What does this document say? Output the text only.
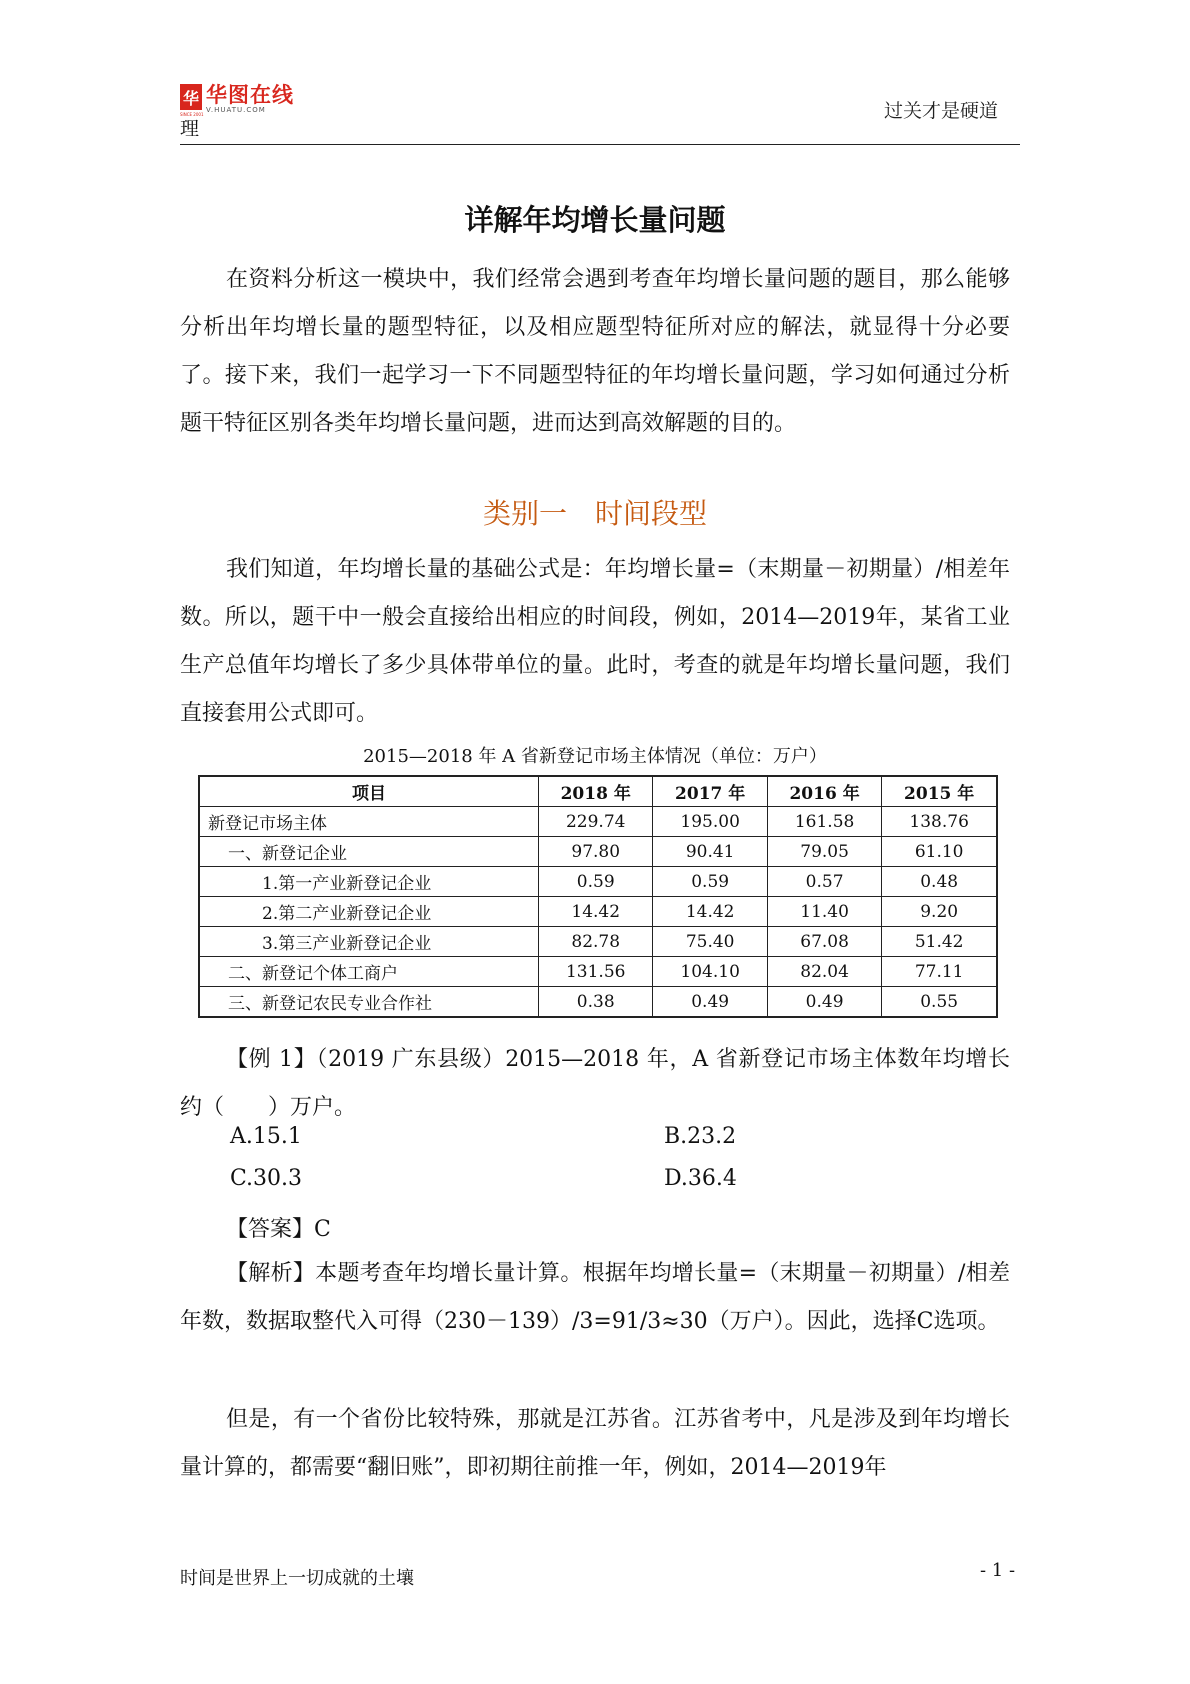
华 华图在线
V.HUATU.COM
SINCE 2001
理
过关才是硬道
详解年均增长量问题
在资料分析这一模块中，我们经常会遇到考查年均增长量问题的题目，那么能够分析出年均增长量的题型特征，以及相应题型特征所对应的解法，就显得十分必要了。接下来，我们一起学习一下不同题型特征的年均增长量问题，学习如何通过分析题干特征区别各类年均增长量问题，进而达到高效解题的目的。
类别一　时间段型
我们知道，年均增长量的基础公式是：年均增长量=（末期量－初期量）/相差年数。所以，题干中一般会直接给出相应的时间段，例如，2014—2019年，某省工业生产总值年均增长了多少具体带单位的量。此时，考查的就是年均增长量问题，我们直接套用公式即可。
2015—2018 年 A 省新登记市场主体情况（单位：万户）
项目	2018 年	2017 年	2016 年	2015 年
新登记市场主体	229.74	195.00	161.58	138.76
一、新登记企业	97.80	90.41	79.05	61.10
1.第一产业新登记企业	0.59	0.59	0.57	0.48
2.第二产业新登记企业	14.42	14.42	11.40	9.20
3.第三产业新登记企业	82.78	75.40	67.08	51.42
二、新登记个体工商户	131.56	104.10	82.04	77.11
三、新登记农民专业合作社	0.38	0.49	0.49	0.55
【例 1】（2019 广东县级）2015—2018 年，A 省新登记市场主体数年均增长约（　　）万户。
A.15.1	B.23.2
C.30.3	D.36.4
【答案】C
【解析】本题考查年均增长量计算。根据年均增长量=（末期量－初期量）/相差年数，数据取整代入可得（230－139）/3=91/3≈30（万户）。因此，选择C选项。
但是，有一个省份比较特殊，那就是江苏省。江苏省考中，凡是涉及到年均增长量计算的，都需要“翻旧账”，即初期往前推一年，例如，2014—2019年
时间是世界上一切成就的土壤	- 1 -
